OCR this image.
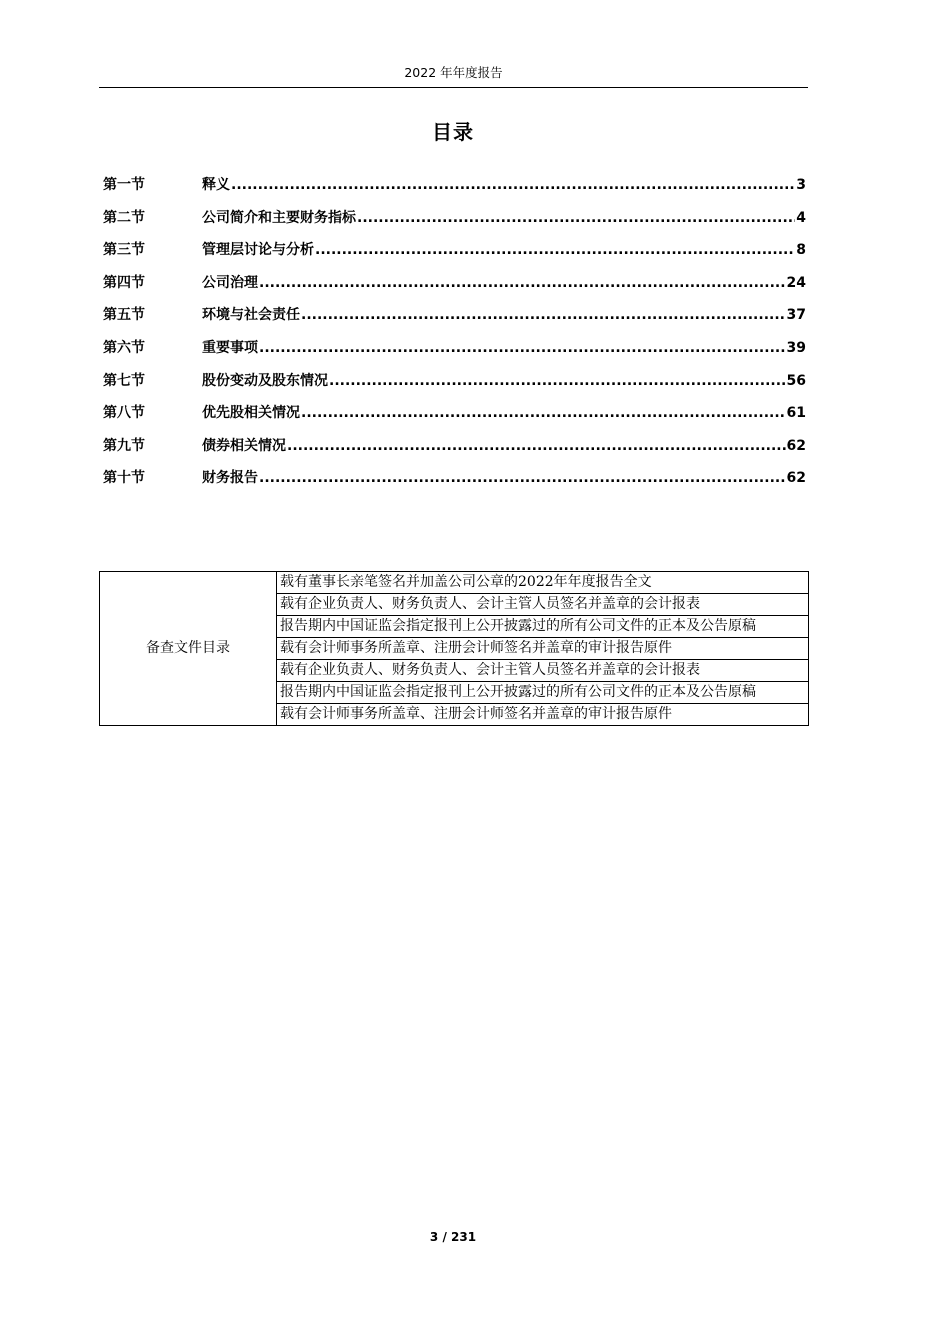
2022 年年度报告
目录
第一节	释义 .....	3
第二节	公司简介和主要财务指标 .....	4
第三节	管理层讨论与分析 .....	8
第四节	公司治理 .....	24
第五节	环境与社会责任 .....	37
第六节	重要事项 .....	39
第七节	股份变动及股东情况 .....	56
第八节	优先股相关情况 .....	61
第九节	债券相关情况 .....	62
第十节	财务报告 .....	62
备查文件目录	载有董事长亲笔签名并加盖公司公章的2022年年度报告全文
载有企业负责人、财务负责人、会计主管人员签名并盖章的会计报表
报告期内中国证监会指定报刊上公开披露过的所有公司文件的正本及公告原稿
载有会计师事务所盖章、注册会计师签名并盖章的审计报告原件
载有企业负责人、财务负责人、会计主管人员签名并盖章的会计报表
报告期内中国证监会指定报刊上公开披露过的所有公司文件的正本及公告原稿
载有会计师事务所盖章、注册会计师签名并盖章的审计报告原件
3 / 231
